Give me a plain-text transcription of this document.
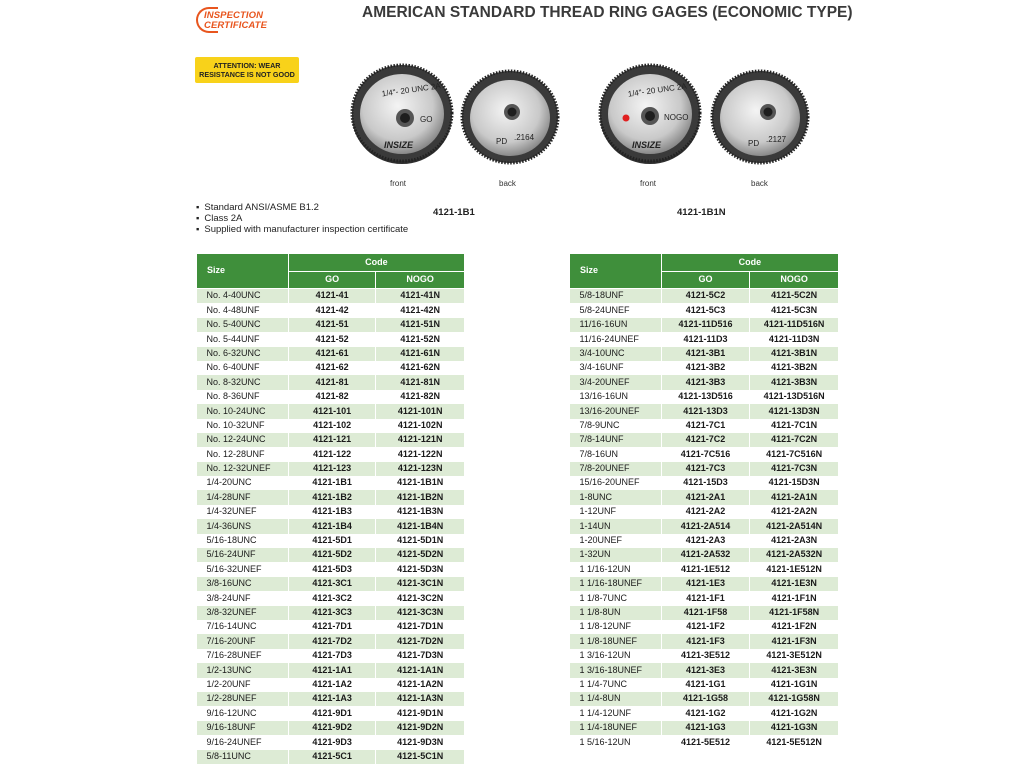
INSPECTION
CERTIFICATE
AMERICAN STANDARD THREAD RING GAGES (ECONOMIC TYPE)
ATTENTION: WEAR RESISTANCE IS NOT GOOD
1/4"- 20 UNC 2A
GO
INSIZE	PD .2164
1/4"- 20 UNC 2A
NOGO
INSIZE	PD .2127
front	back	front	back
▪ Standard ANSI/ASME B1.2
▪ Class 2A
▪ Supplied with manufacturer inspection certificate
4121-1B1	4121-1B1N
Size	Code	
	GO	NOGO
No. 4-40UNC	4121-41	4121-41N
No. 4-48UNF	4121-42	4121-42N
No. 5-40UNC	4121-51	4121-51N
No. 5-44UNF	4121-52	4121-52N
No. 6-32UNC	4121-61	4121-61N
No. 6-40UNF	4121-62	4121-62N
No. 8-32UNC	4121-81	4121-81N
No. 8-36UNF	4121-82	4121-82N
No. 10-24UNC	4121-101	4121-101N
No. 10-32UNF	4121-102	4121-102N
No. 12-24UNC	4121-121	4121-121N
No. 12-28UNF	4121-122	4121-122N
No. 12-32UNEF	4121-123	4121-123N
1/4-20UNC	4121-1B1	4121-1B1N
1/4-28UNF	4121-1B2	4121-1B2N
1/4-32UNEF	4121-1B3	4121-1B3N
1/4-36UNS	4121-1B4	4121-1B4N
5/16-18UNC	4121-5D1	4121-5D1N
5/16-24UNF	4121-5D2	4121-5D2N
5/16-32UNEF	4121-5D3	4121-5D3N
3/8-16UNC	4121-3C1	4121-3C1N
3/8-24UNF	4121-3C2	4121-3C2N
3/8-32UNEF	4121-3C3	4121-3C3N
7/16-14UNC	4121-7D1	4121-7D1N
7/16-20UNF	4121-7D2	4121-7D2N
7/16-28UNEF	4121-7D3	4121-7D3N
1/2-13UNC	4121-1A1	4121-1A1N
1/2-20UNF	4121-1A2	4121-1A2N
1/2-28UNEF	4121-1A3	4121-1A3N
9/16-12UNC	4121-9D1	4121-9D1N
9/16-18UNF	4121-9D2	4121-9D2N
9/16-24UNEF	4121-9D3	4121-9D3N
5/8-11UNC	4121-5C1	4121-5C1N
Size	Code	
	GO	NOGO
5/8-18UNF	4121-5C2	4121-5C2N
5/8-24UNEF	4121-5C3	4121-5C3N
11/16-16UN	4121-11D516	4121-11D516N
11/16-24UNEF	4121-11D3	4121-11D3N
3/4-10UNC	4121-3B1	4121-3B1N
3/4-16UNF	4121-3B2	4121-3B2N
3/4-20UNEF	4121-3B3	4121-3B3N
13/16-16UN	4121-13D516	4121-13D516N
13/16-20UNEF	4121-13D3	4121-13D3N
7/8-9UNC	4121-7C1	4121-7C1N
7/8-14UNF	4121-7C2	4121-7C2N
7/8-16UN	4121-7C516	4121-7C516N
7/8-20UNEF	4121-7C3	4121-7C3N
15/16-20UNEF	4121-15D3	4121-15D3N
1-8UNC	4121-2A1	4121-2A1N
1-12UNF	4121-2A2	4121-2A2N
1-14UN	4121-2A514	4121-2A514N
1-20UNEF	4121-2A3	4121-2A3N
1-32UN	4121-2A532	4121-2A532N
1 1/16-12UN	4121-1E512	4121-1E512N
1 1/16-18UNEF	4121-1E3	4121-1E3N
1 1/8-7UNC	4121-1F1	4121-1F1N
1 1/8-8UN	4121-1F58	4121-1F58N
1 1/8-12UNF	4121-1F2	4121-1F2N
1 1/8-18UNEF	4121-1F3	4121-1F3N
1 3/16-12UN	4121-3E512	4121-3E512N
1 3/16-18UNEF	4121-3E3	4121-3E3N
1 1/4-7UNC	4121-1G1	4121-1G1N
1 1/4-8UN	4121-1G58	4121-1G58N
1 1/4-12UNF	4121-1G2	4121-1G2N
1 1/4-18UNEF	4121-1G3	4121-1G3N
1 5/16-12UN	4121-5E512	4121-5E512N
